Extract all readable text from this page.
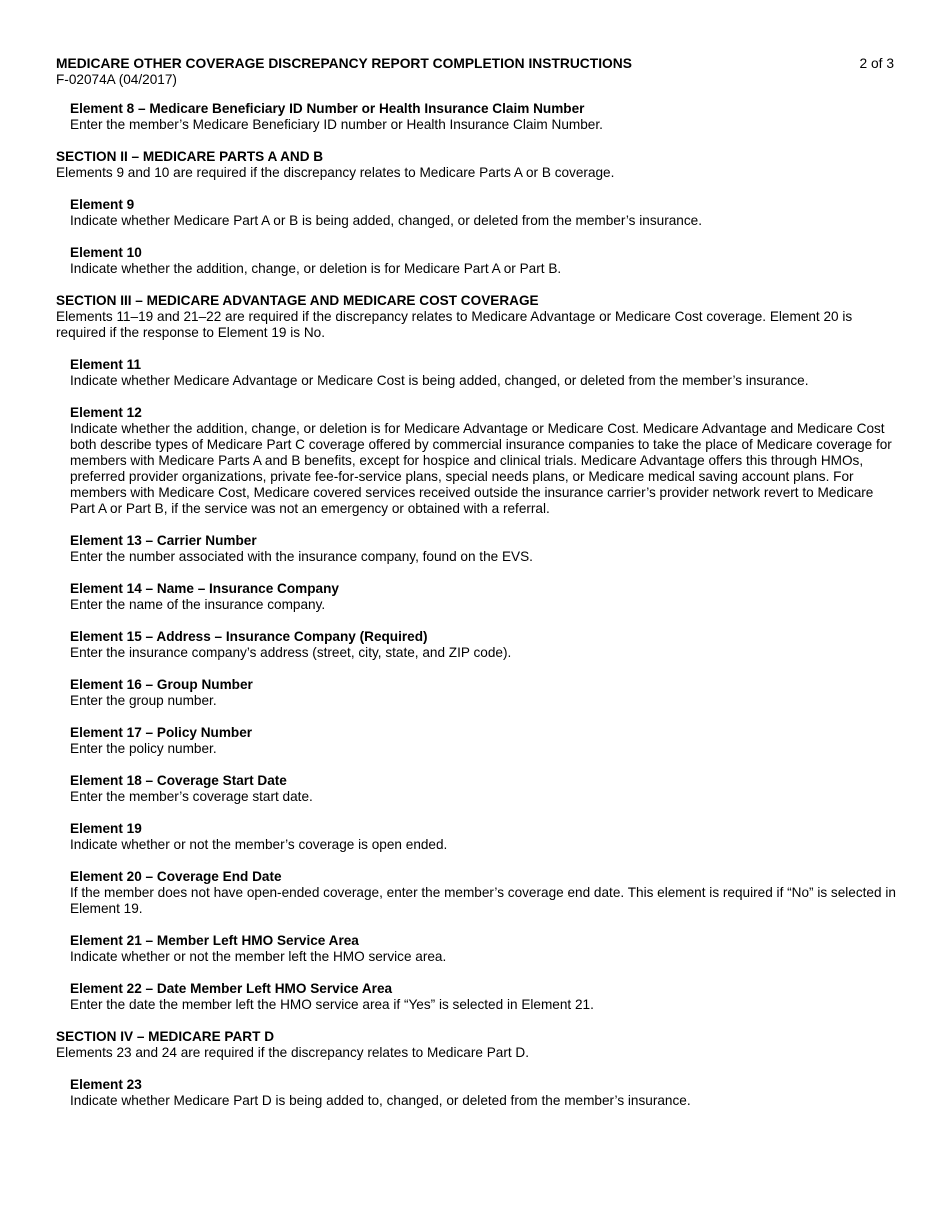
MEDICARE OTHER COVERAGE DISCREPANCY REPORT COMPLETION INSTRUCTIONS	2 of 3
F-02074A (04/2017)
Element 8 – Medicare Beneficiary ID Number or Health Insurance Claim Number
Enter the member’s Medicare Beneficiary ID number or Health Insurance Claim Number.
SECTION II – MEDICARE PARTS A AND B
Elements 9 and 10 are required if the discrepancy relates to Medicare Parts A or B coverage.
Element 9
Indicate whether Medicare Part A or B is being added, changed, or deleted from the member’s insurance.
Element 10
Indicate whether the addition, change, or deletion is for Medicare Part A or Part B.
SECTION III – MEDICARE ADVANTAGE AND MEDICARE COST COVERAGE
Elements 11–19 and 21–22 are required if the discrepancy relates to Medicare Advantage or Medicare Cost coverage. Element 20 is required if the response to Element 19 is No.
Element 11
Indicate whether Medicare Advantage or Medicare Cost is being added, changed, or deleted from the member’s insurance.
Element 12
Indicate whether the addition, change, or deletion is for Medicare Advantage or Medicare Cost. Medicare Advantage and Medicare Cost both describe types of Medicare Part C coverage offered by commercial insurance companies to take the place of Medicare coverage for members with Medicare Parts A and B benefits, except for hospice and clinical trials. Medicare Advantage offers this through HMOs, preferred provider organizations, private fee-for-service plans, special needs plans, or Medicare medical saving account plans. For members with Medicare Cost, Medicare covered services received outside the insurance carrier’s provider network revert to Medicare Part A or Part B, if the service was not an emergency or obtained with a referral.
Element 13 – Carrier Number
Enter the number associated with the insurance company, found on the EVS.
Element 14 – Name – Insurance Company
Enter the name of the insurance company.
Element 15 – Address – Insurance Company (Required)
Enter the insurance company’s address (street, city, state, and ZIP code).
Element 16 – Group Number
Enter the group number.
Element 17 – Policy Number
Enter the policy number.
Element 18 – Coverage Start Date
Enter the member’s coverage start date.
Element 19
Indicate whether or not the member’s coverage is open ended.
Element 20 – Coverage End Date
If the member does not have open-ended coverage, enter the member’s coverage end date. This element is required if “No” is selected in Element 19.
Element 21 – Member Left HMO Service Area
Indicate whether or not the member left the HMO service area.
Element 22 – Date Member Left HMO Service Area
Enter the date the member left the HMO service area if “Yes” is selected in Element 21.
SECTION IV – MEDICARE PART D
Elements 23 and 24 are required if the discrepancy relates to Medicare Part D.
Element 23
Indicate whether Medicare Part D is being added to, changed, or deleted from the member’s insurance.
